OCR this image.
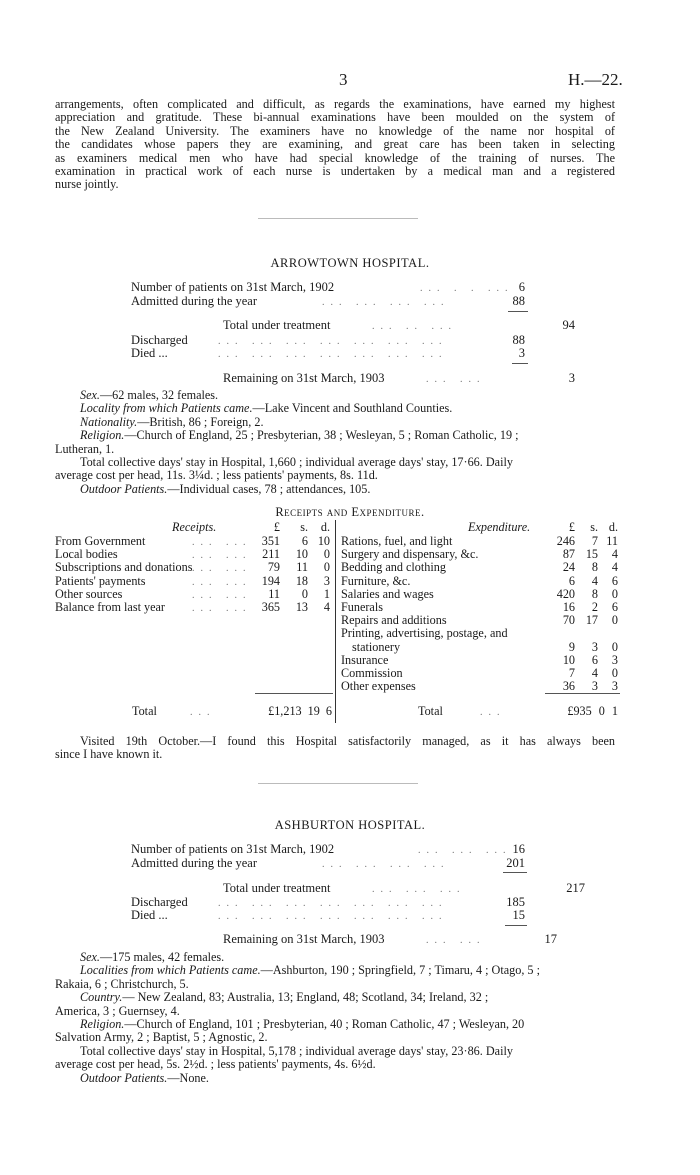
3	H.—22.
arrangements, often complicated and difficult, as regards the examinations, have earned my highest
appreciation and gratitude. These bi-annual examinations have been moulded on the system of
the New Zealand University. The examiners have no knowledge of the name nor hospital of
the candidates whose papers they are examining, and great care has been taken in selecting
as examiners medical men who have had special knowledge of the training of nurses. The
examination in practical work of each nurse is undertaken by a medical man and a registered
nurse jointly.
ARROWTOWN HOSPITAL.
Number of patients on 31st March, 1902	... . . ... 6
Admitted during the year	... ... ... ...	88
Total under treatment	... .. ...	94
Discharged	... ... ... ... ... ... ...	88
Died ...	... ... ... ... ... ... ...	3
Remaining on 31st March, 1903	... ...	3
Sex.—62 males, 32 females.
Locality from which Patients came.—Lake Vincent and Southland Counties.
Nationality.—British, 86 ; Foreign, 2.
Religion.—Church of England, 25 ; Presbyterian, 38 ; Wesleyan, 5 ; Roman Catholic, 19 ;
Lutheran, 1.
Total collective days' stay in Hospital, 1,660 ; individual average days' stay, 17·66. Daily
average cost per head, 11s. 3¼d. ; less patients' payments, 8s. 11d.
Outdoor Patients.—Individual cases, 78 ; attendances, 105.
Receipts and Expenditure.
Receipts.	£	s.	d.	Expenditure.	£	s. d.
From Government	... ... 351	6 10
Local bodies	... ... 211	10	0
Subscriptions and donations ... ...	79	11	0
Patients' payments	... ... 194	18	3
Other sources	... ...	11	0	1
Balance from last year	... ... 365	13	4
Rations, fuel, and light	246	7 11
Surgery and dispensary, &c.	87 15	4
Bedding and clothing	24	8	4
Furniture, &c.	6	4	6
Salaries and wages	420	8	0
Funerals	16	2	6
Repairs and additions	70 17	0
Printing, advertising, postage, and
stationery	9	3	0
Insurance	10	6	3
Commission	7	4	0
Other expenses	36	3	3
Total	...	£1,213 19 6	Total	...	£935 0 1
Visited 19th October.—I found this Hospital satisfactorily managed, as it has always been
since I have known it.
ASHBURTON HOSPITAL.
Number of patients on 31st March, 1902	... ... ... 16
Admitted during the year	... ... ... ...	201
Total under treatment	... ... ...	217
Discharged	... ... ... ... ... ... ...	185
Died ...	... ... ... ... ... ... ...	15
Remaining on 31st March, 1903	... ...	17
Sex.—175 males, 42 females.
Localities from which Patients came.—Ashburton, 190 ; Springfield, 7 ; Timaru, 4 ; Otago, 5 ;
Rakaia, 6 ; Christchurch, 5.
Country.— New Zealand, 83; Australia, 13; England, 48; Scotland, 34; Ireland, 32 ;
America, 3 ; Guernsey, 4.
Religion.—Church of England, 101 ; Presbyterian, 40 ; Roman Catholic, 47 ; Wesleyan, 20
Salvation Army, 2 ; Baptist, 5 ; Agnostic, 2.
Total collective days' stay in Hospital, 5,178 ; individual average days' stay, 23·86. Daily
average cost per head, 5s. 2½d. ; less patients' payments, 4s. 6½d.
Outdoor Patients.—None.
